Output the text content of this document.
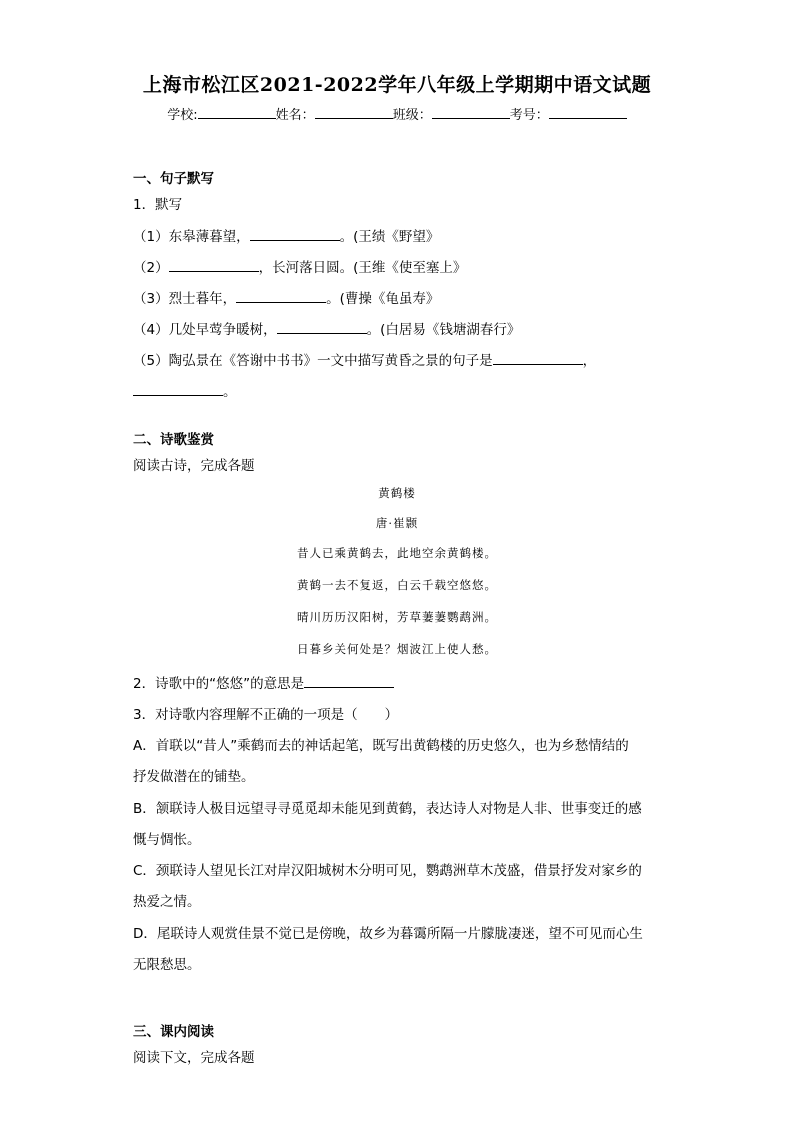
上海市松江区2021-2022学年八年级上学期期中语文试题
学校:	姓名：	班级：	考号：
一、句子默写
1．默写
（1）东皋薄暮望，	。(王绩《野望》
（2）	，长河落日圆。(王维《使至塞上》
（3）烈士暮年，	。(曹操《龟虽寿》
（4）几处早莺争暖树，	。(白居易《钱塘湖春行》
（5）陶弘景在《答谢中书书》一文中描写黄昏之景的句子是	，
。
二、诗歌鉴赏
阅读古诗，完成各题
黄鹤楼
唐·崔颢
昔人已乘黄鹤去，此地空余黄鹤楼。
黄鹤一去不复返，白云千载空悠悠。
晴川历历汉阳树，芳草萋萋鹦鹉洲。
日暮乡关何处是？烟波江上使人愁。
2．诗歌中的“悠悠”的意思是
3．对诗歌内容理解不正确的一项是（　　）
A．首联以“昔人”乘鹤而去的神话起笔，既写出黄鹤楼的历史悠久，也为乡愁情结的
抒发做潜在的铺垫。
B．颔联诗人极目远望寻寻觅觅却未能见到黄鹤，表达诗人对物是人非、世事变迁的感
慨与惆怅。
C．颈联诗人望见长江对岸汉阳城树木分明可见，鹦鹉洲草木茂盛，借景抒发对家乡的
热爱之情。
D．尾联诗人观赏佳景不觉已是傍晚，故乡为暮霭所隔一片朦胧凄迷，望不可见而心生
无限愁思。
三、课内阅读
阅读下文，完成各题
